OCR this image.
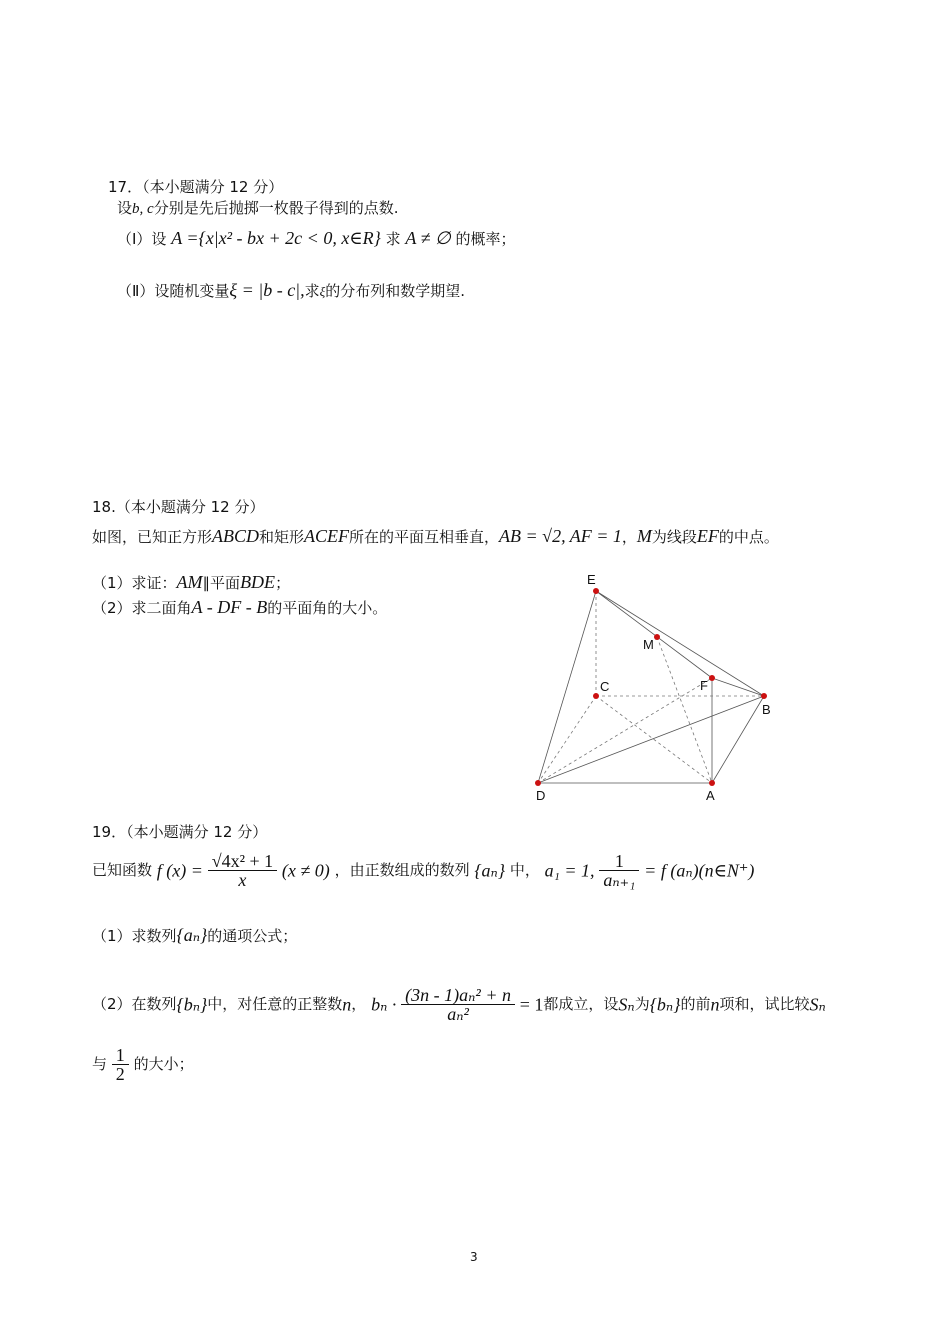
17．（本小题满分 12 分）
设b, c分别是先后抛掷一枚骰子得到的点数.
（Ⅰ）设 A ={x|x² - bx + 2c < 0, x∈R} 求 A ≠ ∅ 的概率；
（Ⅱ）设随机变量ξ = |b - c|,求ξ的分布列和数学期望.
18.（本小题满分 12 分）
如图，已知正方形ABCD和矩形ACEF所在的平面互相垂直，AB = √2, AF = 1，M为线段EF的中点。
（1）求证：AM∥平面BDE；
（2）求二面角A - DF - B的平面角的大小。
E
M
F
C
B
D	A
19．（本小题满分 12 分）
已知函数 f $(x) = \frac{\text{√4x² + 1}}{x} (x \ne 0)$ ，由正数组成的数列 {aₙ} 中， a₁ = 1, $\frac{1}{\text{aₙ₊₁}} = f$ (aₙ)(n∈N⁺)
（1）求数列{aₙ}的通项公式；
（2）在数列{bₙ}中，对任意的正整数n， $b_n \cdot \frac{\text{(3n - 1)aₙ² + n}}{\text{aₙ²}} = 1$都成立，设Sₙ为{bₙ}的前n项和，试比较Sₙ
与 $\frac{1}{2}$ 的大小；
3
